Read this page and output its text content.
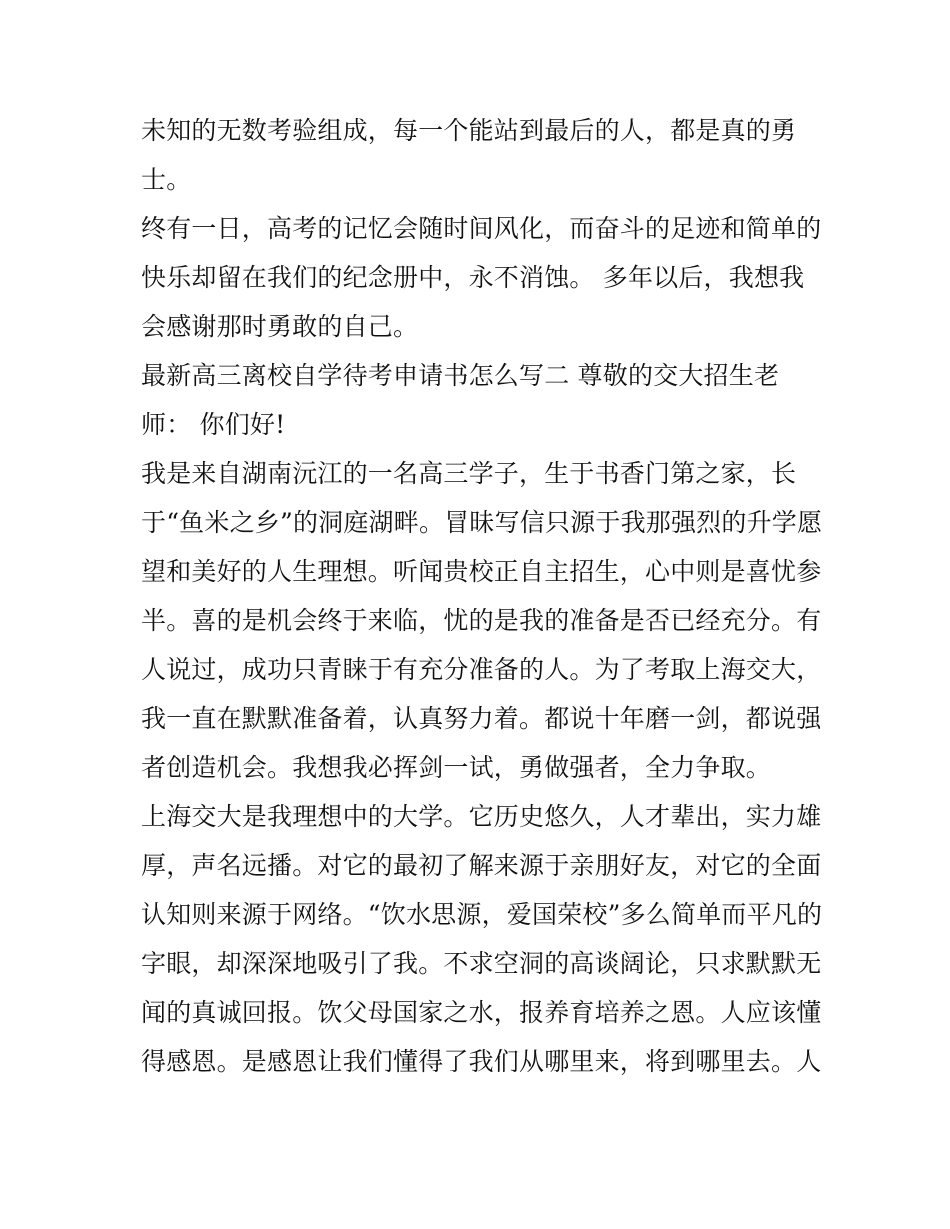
未知的无数考验组成，每一个能站到最后的人，都是真的勇
士。
终有一日，高考的记忆会随时间风化，而奋斗的足迹和简单的
快乐却留在我们的纪念册中，永不消蚀。 多年以后，我想我
会感谢那时勇敢的自己。
最新高三离校自学待考申请书怎么写二 尊敬的交大招生老
师： 你们好!
我是来自湖南沅江的一名高三学子，生于书香门第之家，长
于“鱼米之乡”的洞庭湖畔。冒昧写信只源于我那强烈的升学愿
望和美好的人生理想。听闻贵校正自主招生，心中则是喜忧参
半。喜的是机会终于来临，忧的是我的准备是否已经充分。有
人说过，成功只青睐于有充分准备的人。为了考取上海交大，
我一直在默默准备着，认真努力着。都说十年磨一剑，都说强
者创造机会。我想我必挥剑一试，勇做强者，全力争取。
上海交大是我理想中的大学。它历史悠久，人才辈出，实力雄
厚，声名远播。对它的最初了解来源于亲朋好友，对它的全面
认知则来源于网络。“饮水思源，爱国荣校”多么简单而平凡的
字眼，却深深地吸引了我。不求空洞的高谈阔论，只求默默无
闻的真诚回报。饮父母国家之水，报养育培养之恩。人应该懂
得感恩。是感恩让我们懂得了我们从哪里来，将到哪里去。人
